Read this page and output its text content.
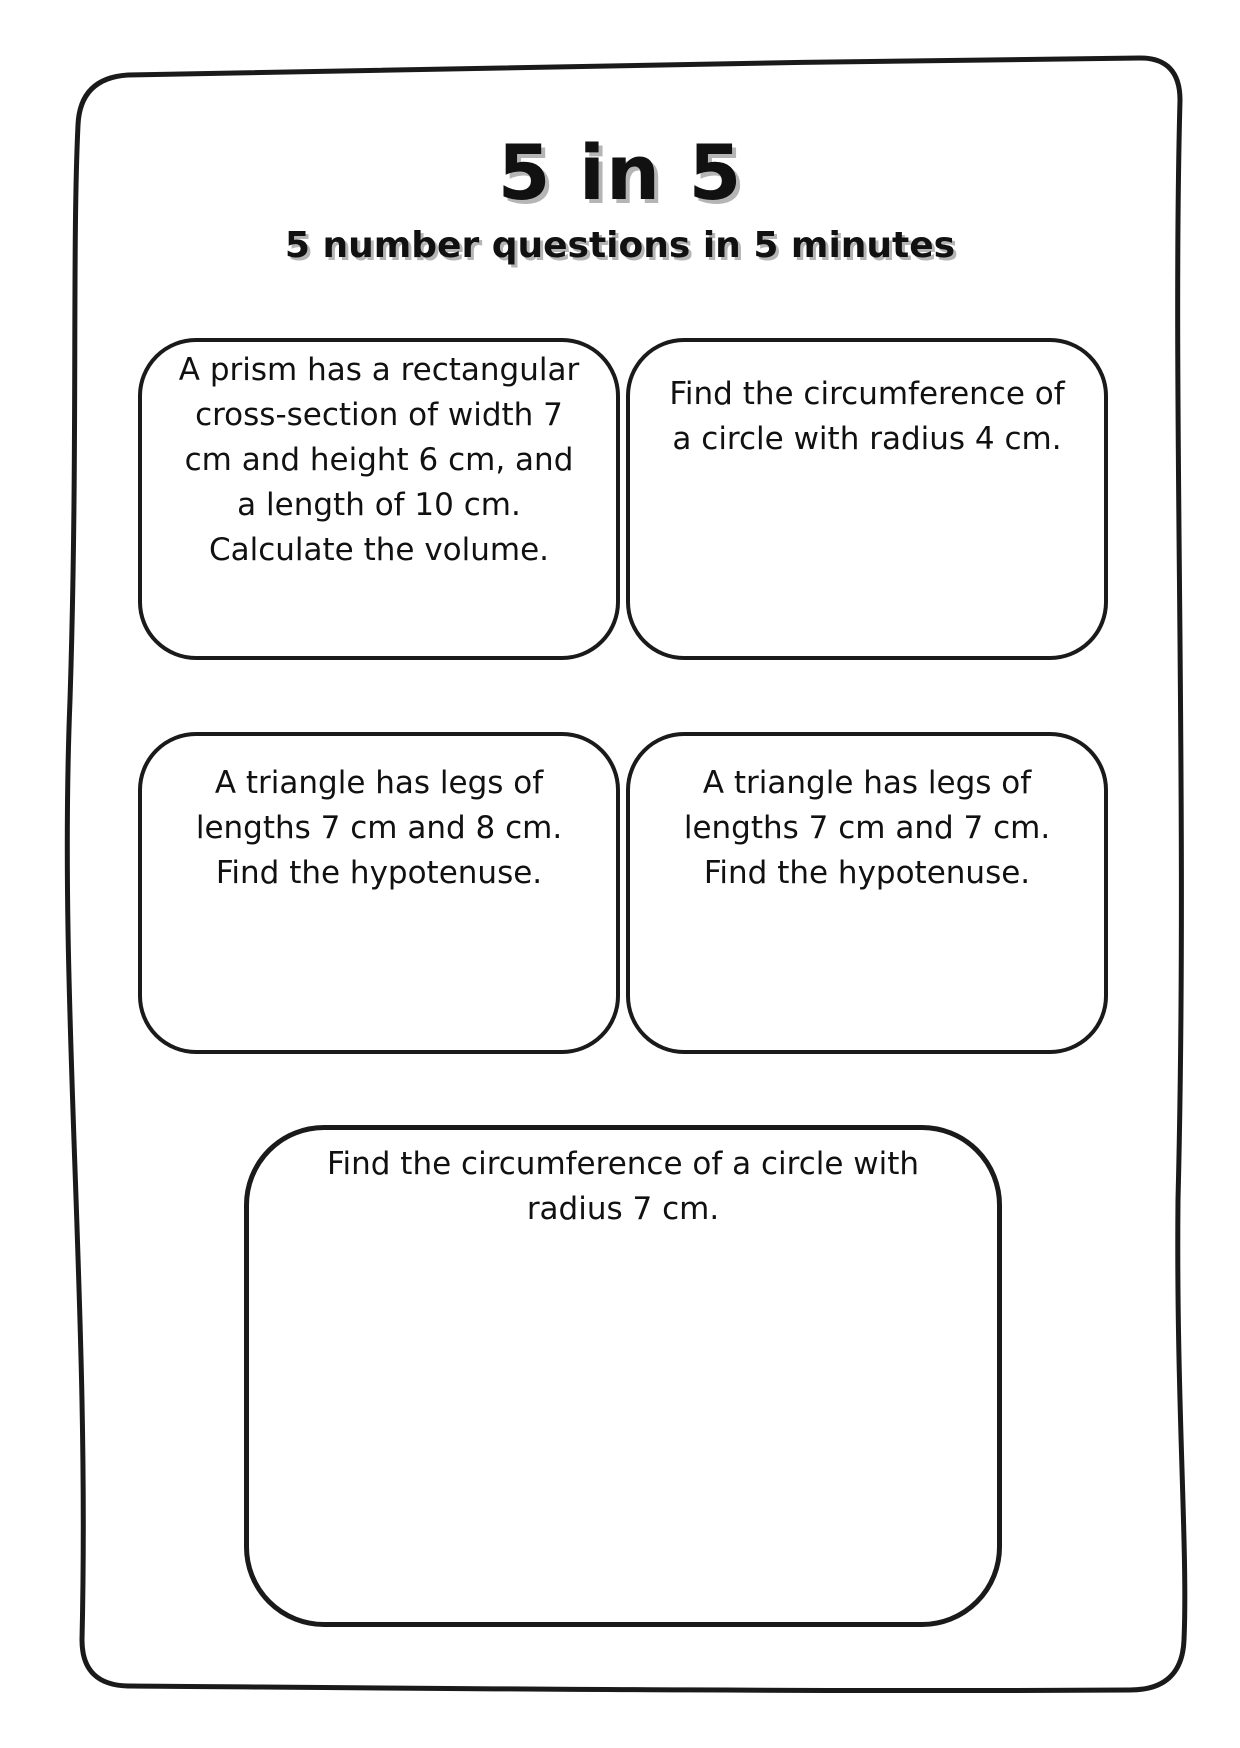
5 in 5
5 number questions in 5 minutes
A prism has a rectangular cross-section of width 7 cm and height 6 cm, and a length of 10 cm. Calculate the volume.
Find the circumference of a circle with radius 4 cm.
A triangle has legs of lengths 7 cm and 8 cm. Find the hypotenuse.
A triangle has legs of lengths 7 cm and 7 cm. Find the hypotenuse.
Find the circumference of a circle with radius 7 cm.
